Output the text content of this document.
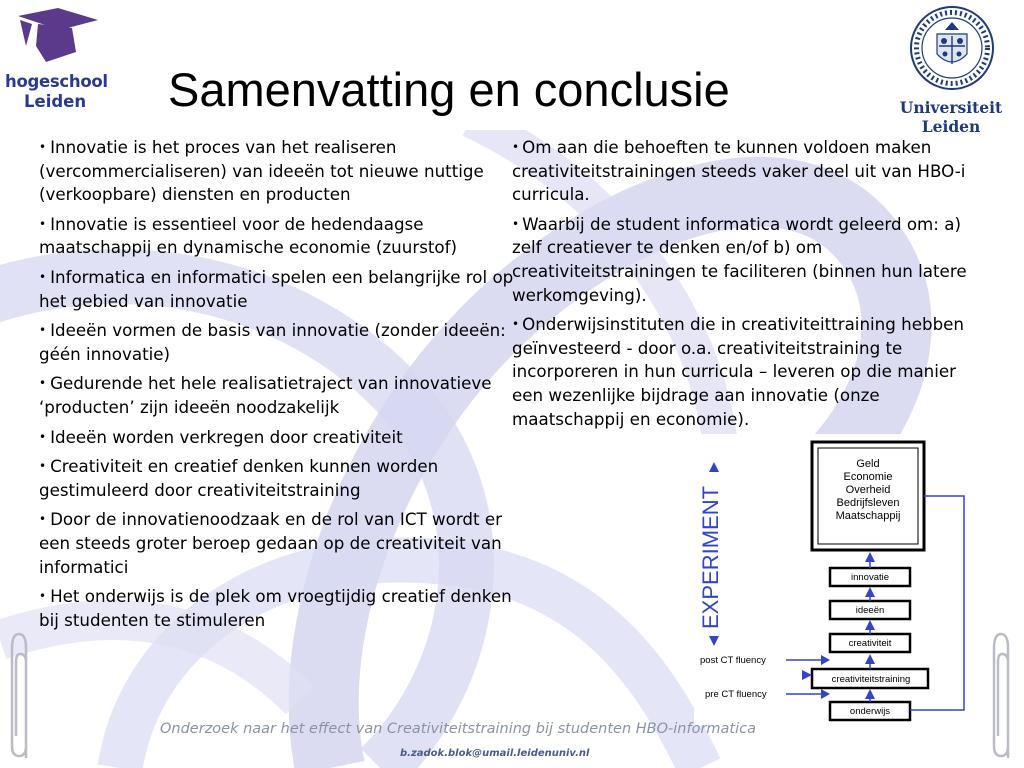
hogeschool
Leiden Samenvatting en conclusie	Universiteit Leiden

• Innovatie is het proces van het realiseren (vercommercialiseren) van ideeën tot nieuwe nuttige (verkoopbare) diensten en producten

• Innovatie is essentieel voor de hedendaagse maatschappij en dynamische economie (zuurstof)

• Informatica en informatici spelen een belangrijke rol op het gebied van innovatie

• Ideeën vormen de basis van innovatie (zonder ideeën: géén innovatie)

• Gedurende het hele realisatietraject van innovatieve ‘producten’ zijn ideeën noodzakelijk

• Ideeën worden verkregen door creativiteit

• Creativiteit en creatief denken kunnen worden gestimuleerd door creativiteitstraining

• Door de innovatienoodzaak en de rol van ICT wordt er een steeds groter beroep gedaan op de creativiteit van informatici

• Het onderwijs is de plek om vroegtijdig creatief denken bij studenten te stimuleren

• Om aan die behoeften te kunnen voldoen maken creativiteitstrainingen steeds vaker deel uit van HBO-i curricula.

• Waarbij de student informatica wordt geleerd om: a) zelf creatiever te denken en/of b) om creativiteitstrainingen te faciliteren (binnen hun latere werkomgeving).

• Onderwijsinstituten die in creativiteittraining hebben geïnvesteerd - door o.a. creativiteitstraining te incorporeren in hun curricula – leveren op die manier een wezenlijke bijdrage aan innovatie (onze maatschappij en economie).

EXPERIMENT
Geld
Economie
Overheid
Bedrijfsleven
Maatschappij
innovatie
ideeën
creativiteit
creativiteitstraining
onderwijs
post CT fluency
pre CT fluency
Onderzoek naar het effect van Creativiteitstraining bij studenten HBO-informatica
b.zadok.blok@umail.leidenuniv.nl
